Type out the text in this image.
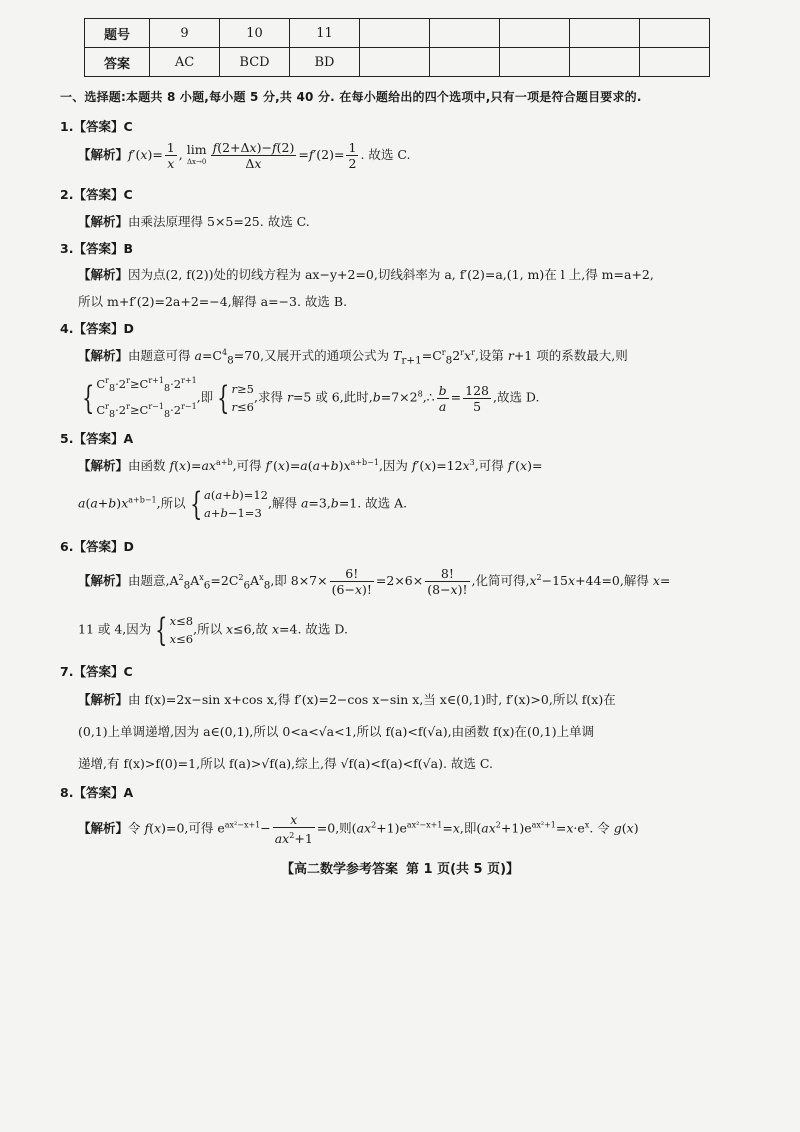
题号	9	10	11					
答案	AC	BCD	BD					
一、选择题:本题共 8 小题,每小题 5 分,共 40 分. 在每小题给出的四个选项中,只有一项是符合题目要求的.
1.【答案】C
【解析】$f'(x)= \frac{1}{x}$ , lim
$\Delta x\to 0 \frac{f(2+\Delta x)-f(2)}{\Delta x} =f'(2)= \frac{1}{2}$ . 故选 C.
2.【答案】C
【解析】由乘法原理得 5×5=25. 故选 C.
3.【答案】B
【解析】因为点(2, f(2))处的切线方程为 ax−y+2=0,切线斜率为 a, f′(2)=a,(1, m)在 l 上,得 m=a+2,
所以 m+f′(2)=2a+2=−4,解得 a=−3. 故选 B.
4.【答案】D
【解析】由题意可得 $a=C^4_8=70$,又展开式的通项公式为 $T_{r+1}=C^r_82^rx^r$,设第 r+1 项的系数最大,则
{ $C^r_8\cdot 2^r\ge C^{r+1}_8\cdot 2^{r+1}$
$C^r_8\cdot 2^r\ge C^{r-1}_8\cdot 2^{r-1}$
,即 { r≥5
r≤6
,求得 r=5 或 6,此时$,b=7\times 2^8,\therefore \frac{b}{a} = \frac{128}{5}$ ,故选 D.
5.【答案】A
【解析】由函数 $f(x)=ax^{a+b}$,可得 $f'(x)=a(a+b)x^{a+b-1}$,因为 $f'(x)=12x^3$,可得 f′(x)=
$a(a+b)x^{a+b-1}$,所以 { a(a+b)=12
a+b−1=3
,解得 a=3,b=1. 故选 A.
6.【答案】D
【解析】由题意$,A^2_8A^x_6=2C^2_6A^x_8$,即 $8\times 7\times \frac{6!}{(6-x)!} =2\times 6\times \frac{8!}{(8-x)!}$ ,化简可得$,x^2-15x+44=0$,解得 x=
11 或 4,因为 { x≤8
x≤6
,所以 x≤6,故 x=4. 故选 D.
7.【答案】C
【解析】由 f(x)=2x−sin x+cos x,得 f′(x)=2−cos x−sin x,当 x∈(0,1)时, f′(x)>0,所以 f(x)在
(0,1)上单调递增,因为 a∈(0,1),所以 0<a<√a<1,所以 f(a)<f(√a),由函数 f(x)在(0,1)上单调
递增,有 f(x)>f(0)=1,所以 f(a)>√f(a),综上,得 √f(a)<f(a)<f(√a). 故选 C.
8.【答案】A
【解析】令 f(x)=0,可得 $e^{ax^2-x+1}- \frac{x}{ax^2+1} =0$,则$(ax^2+1)e^{ax^2-x+1}=x$,即$(ax^2+1)e^{ax^2+1}=x\cdot e^x$. 令 g(x)
【高二数学参考答案 第 1 页(共 5 页)】
